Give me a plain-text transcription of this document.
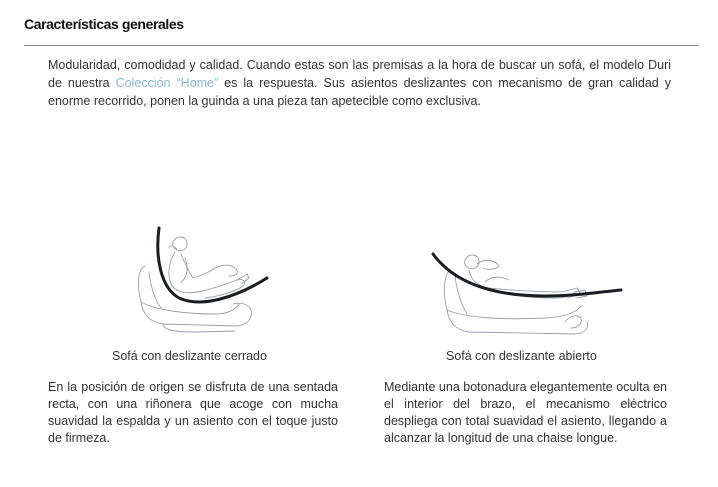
Características generales

Modularidad, comodidad y calidad. Cuando estas son las premisas a la hora de buscar un sofá, el modelo Duri de nuestra Colección “Home” es la respuesta. Sus asientos deslizantes con mecanismo de gran calidad y enorme recorrido, ponen la guinda a una pieza tan apetecible como exclusiva.

Sofá con deslizante cerrado	Sofá con deslizante abierto

En la posición de origen se disfruta de una sentada recta, con una riñonera que acoge con mucha suavidad la espalda y un asiento con el toque justo de firmeza.

Mediante una botonadura elegantemente oculta en el interior del brazo, el mecanismo eléctrico despliega con total suavidad el asiento, llegando a alcanzar la longitud de una chaise longue.
